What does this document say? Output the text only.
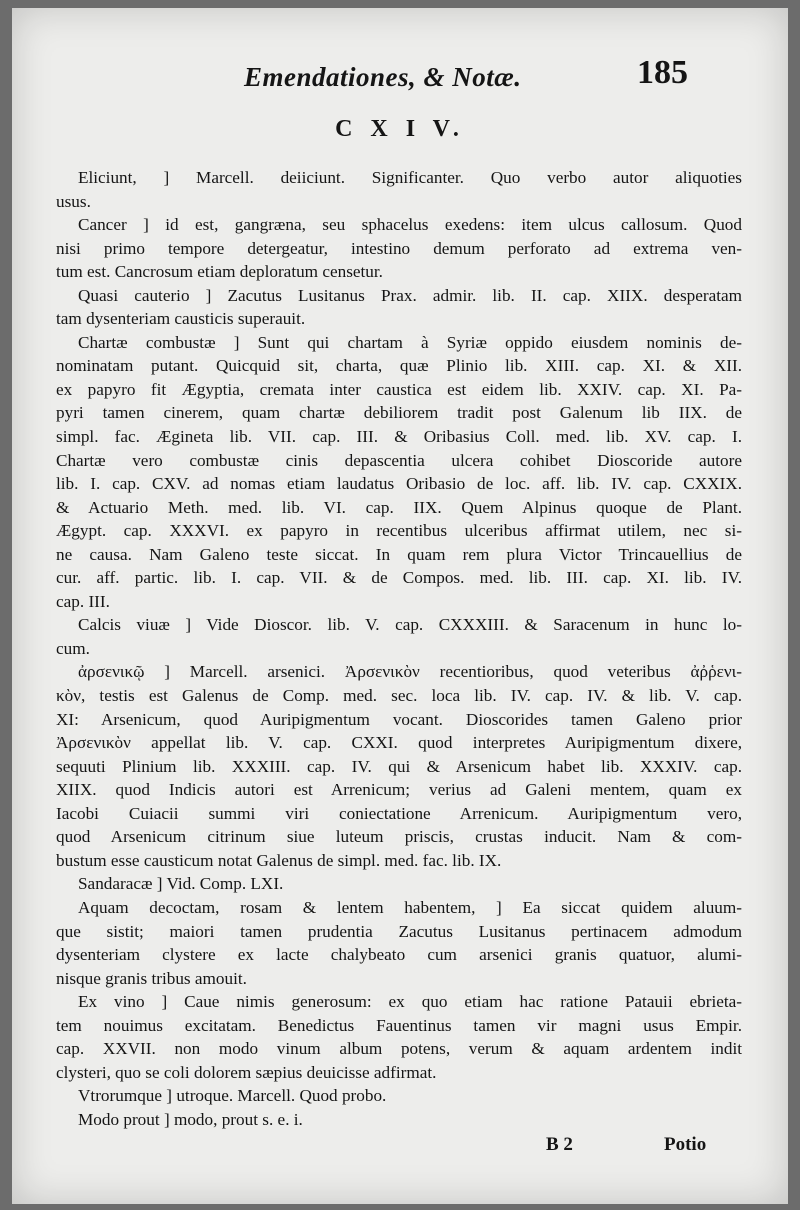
Emendationes, & Notæ.	185
C X I V.
Eliciunt, ] Marcell. deiiciunt. Significanter. Quo verbo autor aliquoties
usus.
Cancer ] id est, gangræna, seu sphacelus exedens: item ulcus callosum. Quod
nisi primo tempore detergeatur, intestino demum perforato ad extrema ven-
tum est. Cancrosum etiam deploratum censetur.
Quasi cauterio ] Zacutus Lusitanus Prax. admir. lib. II. cap. XIIX. desperatam
tam dysenteriam causticis superauit.
Chartæ combustæ ] Sunt qui chartam à Syriæ oppido eiusdem nominis de-
nominatam putant. Quicquid sit, charta, quæ Plinio lib. XIII. cap. XI. & XII.
ex papyro fit Ægyptia, cremata inter caustica est eidem lib. XXIV. cap. XI. Pa-
pyri tamen cinerem, quam chartæ debiliorem tradit post Galenum lib IIX. de
simpl. fac. Ægineta lib. VII. cap. III. & Oribasius Coll. med. lib. XV. cap. I.
Chartæ vero combustæ cinis depascentia ulcera cohibet Dioscoride autore
lib. I. cap. CXV. ad nomas etiam laudatus Oribasio de loc. aff. lib. IV. cap. CXXIX.
& Actuario Meth. med. lib. VI. cap. IIX. Quem Alpinus quoque de Plant.
Ægypt. cap. XXXVI. ex papyro in recentibus ulceribus affirmat utilem, nec si-
ne causa. Nam Galeno teste siccat. In quam rem plura Victor Trincauellius de
cur. aff. partic. lib. I. cap. VII. & de Compos. med. lib. III. cap. XI. lib. IV.
cap. III.
Calcis viuæ ] Vide Dioscor. lib. V. cap. CXXXIII. & Saracenum in hunc lo-
cum.
ἀρσενικῷ ] Marcell. arsenici. Ἀρσενικὸν recentioribus, quod veteribus ἀῤῥενι-
κὸν, testis est Galenus de Comp. med. sec. loca lib. IV. cap. IV. & lib. V. cap.
XI: Arsenicum, quod Auripigmentum vocant. Dioscorides tamen Galeno prior
Ἀρσενικὸν appellat lib. V. cap. CXXI. quod interpretes Auripigmentum dixere,
sequuti Plinium lib. XXXIII. cap. IV. qui & Arsenicum habet lib. XXXIV. cap.
XIIX. quod Indicis autori est Arrenicum; verius ad Galeni mentem, quam ex
Iacobi Cuiacii summi viri coniectatione Arrenicum. Auripigmentum vero,
quod Arsenicum citrinum siue luteum priscis, crustas inducit. Nam & com-
bustum esse causticum notat Galenus de simpl. med. fac. lib. IX.
Sandaracæ ] Vid. Comp. LXI.
Aquam decoctam, rosam & lentem habentem, ] Ea siccat quidem aluum-
que sistit; maiori tamen prudentia Zacutus Lusitanus pertinacem admodum
dysenteriam clystere ex lacte chalybeato cum arsenici granis quatuor, alumi-
nisque granis tribus amouit.
Ex vino ] Caue nimis generosum: ex quo etiam hac ratione Patauii ebrieta-
tem nouimus excitatam. Benedictus Fauentinus tamen vir magni usus Empir.
cap. XXVII. non modo vinum album potens, verum & aquam ardentem indit
clysteri, quo se coli dolorem sæpius deuicisse adfirmat.
Vtrorumque ] utroque. Marcell. Quod probo.
Modo prout ] modo, prout s. e. i.
B 2	Potio
